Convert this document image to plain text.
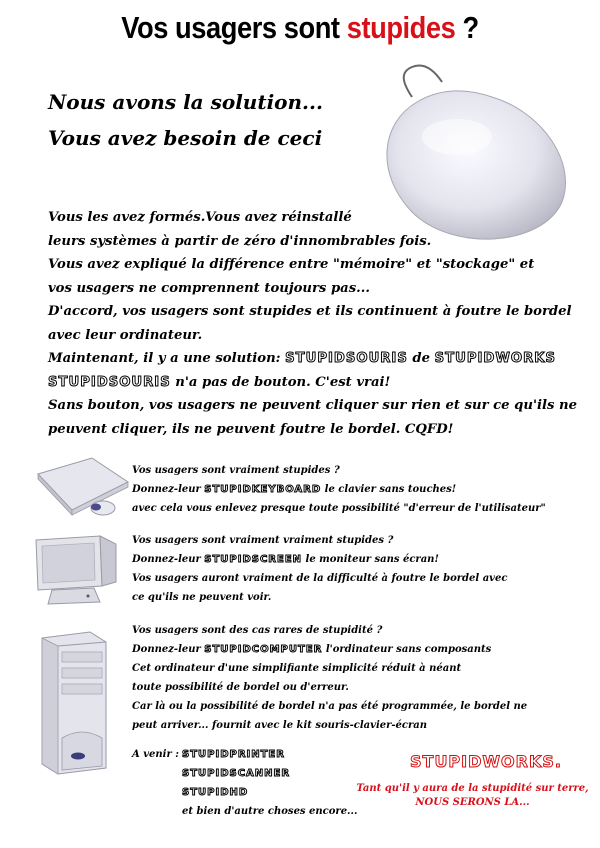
Vos usagers sont stupides ?
Nous avons la solution...
Vous avez besoin de ceci

Vous les avez formés.Vous avez réinstallé

leurs systèmes à partir de zéro d'innombrables fois.

Vous avez expliqué la différence entre "mémoire" et "stockage" et

vos usagers ne comprennent toujours pas...

D'accord, vos usagers sont stupides et ils continuent à foutre le bordel

avec leur ordinateur.

Maintenant, il y a une solution: STUPIDSOURIS de STUPIDWORKS

STUPIDSOURIS n'a pas de bouton. C'est vrai!

Sans bouton, vos usagers ne peuvent cliquer sur rien et sur ce qu'ils ne

peuvent cliquer, ils ne peuvent foutre le bordel. CQFD!

Vos usagers sont vraiment stupides ?

Donnez-leur STUPIDKEYBOARD le clavier sans touches!

avec cela vous enlevez presque toute possibilité "d'erreur de l'utilisateur"

Vos usagers sont vraiment vraiment stupides ?

Donnez-leur STUPIDSCREEN le moniteur sans écran!

Vos usagers auront vraiment de la difficulté à foutre le bordel avec

ce qu'ils ne peuvent voir.

Vos usagers sont des cas rares de stupidité ?

Donnez-leur STUPIDCOMPUTER l'ordinateur sans composants

Cet ordinateur d'une simplifiante simplicité réduit à néant

toute possibilité de bordel ou d'erreur.

Car là ou la possibilité de bordel n'a pas été programmée, le bordel ne

peut arriver... fournit avec le kit souris-clavier-écran

A venir : STUPIDPRINTER
STUPIDSCANNER
STUPIDHD
et bien d'autre choses encore...
STUPIDWORKS.
Tant qu'il y aura de la stupidité sur terre,
NOUS SERONS LA...
